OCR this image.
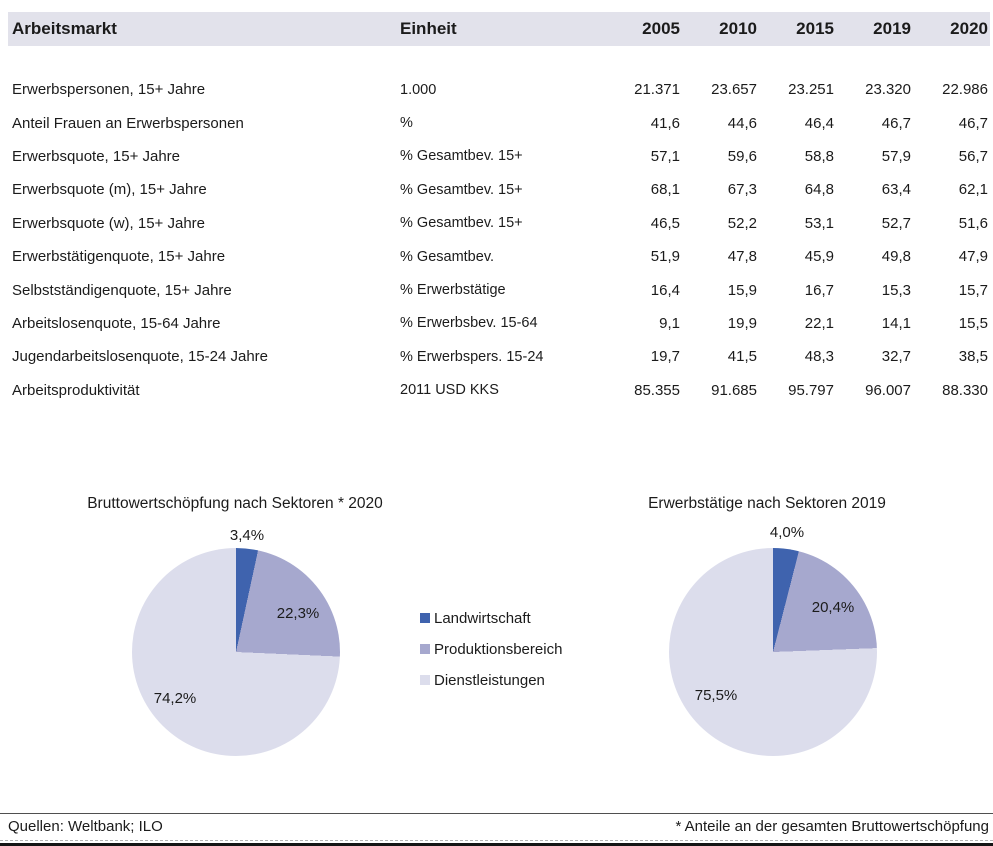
Arbeitsmarkt	Einheit	2005	2010	2015	2019	2020
Erwerbspersonen, 15+ Jahre	1.000	21.371	23.657	23.251	23.320	22.986
Anteil Frauen an Erwerbspersonen	%	41,6	44,6	46,4	46,7	46,7
Erwerbsquote, 15+ Jahre	% Gesamtbev. 15+	57,1	59,6	58,8	57,9	56,7
Erwerbsquote (m), 15+ Jahre	% Gesamtbev. 15+	68,1	67,3	64,8	63,4	62,1
Erwerbsquote (w), 15+ Jahre	% Gesamtbev. 15+	46,5	52,2	53,1	52,7	51,6
Erwerbstätigenquote, 15+ Jahre	% Gesamtbev.	51,9	47,8	45,9	49,8	47,9
Selbstständigenquote, 15+ Jahre	% Erwerbstätige	16,4	15,9	16,7	15,3	15,7
Arbeitslosenquote, 15-64 Jahre	% Erwerbsbev. 15-64	9,1	19,9	22,1	14,1	15,5
Jugendarbeitslosenquote, 15-24 Jahre	% Erwerbspers. 15-24	19,7	41,5	48,3	32,7	38,5
Arbeitsproduktivität	2011 USD KKS	85.355	91.685	95.797	96.007	88.330
Bruttowertschöpfung nach Sektoren * 2020	Erwerbstätige nach Sektoren 2019
3,4%
22,3%
74,2%
4,0%
20,4%
75,5%
Landwirtschaft
Produktionsbereich
Dienstleistungen
Quellen: Weltbank; ILO	* Anteile an der gesamten Bruttowertschöpfung
